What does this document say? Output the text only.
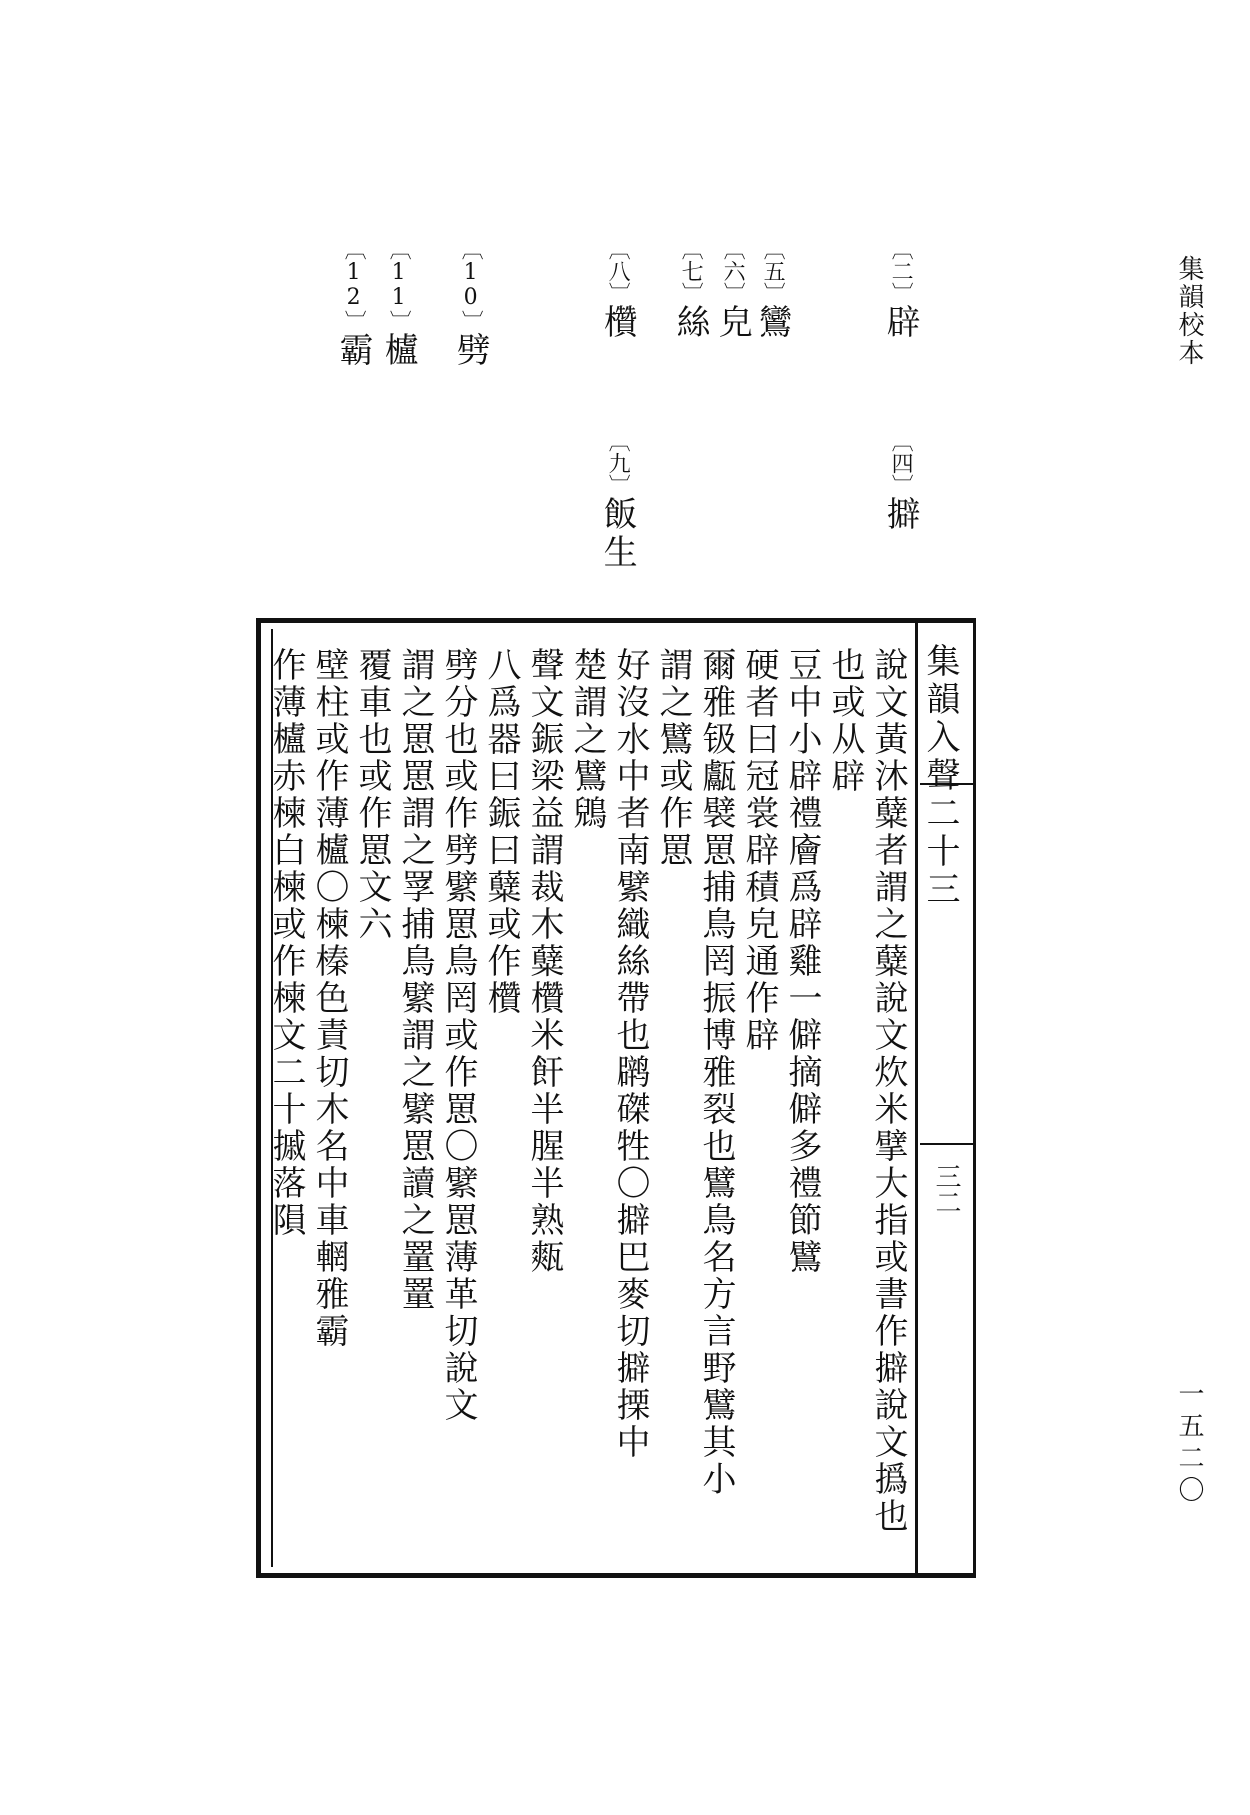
集韻校本
一五二〇
〔二〕辟
〔四〕擗
〔五〕鸞
〔六〕皃
〔七〕絲
〔八〕欑
〔九〕飯生
〔10〕劈
〔11〕櫨
〔12〕霸
說文黃沐糵者謂之糵說文炊米擘大指或書作擗說文撝也
也或从辟
豆中小辟禮廥爲辟雞一僻摘僻多禮節鷿
硬者曰冠裳辟積皃通作辟
爾雅钑甗襞罳捕鳥罔振博雅裂也鷿鳥名方言野鷿其小
謂之鷿或作罳
好沒水中者南繴織絲帶也䴙磔牲〇擗巴麥切擗搮中
楚謂之鷿鶂
聲文鋠梁益謂裁木糵欑米飦半腥半熟㼽
八爲器曰鋠曰糵或作欑
劈分也或作劈繴罳鳥罔或作罳〇繴罳薄革切說文
謂之罳罳謂之罦捕鳥繴謂之繴罳讀之罿罿
覆車也或作罳文六
壁柱或作薄櫨〇楝榛色責切木名中車輞雅霸
作薄櫨赤楝白楝或作楝文二十摵落隕	集韻入聲二十三
三二
